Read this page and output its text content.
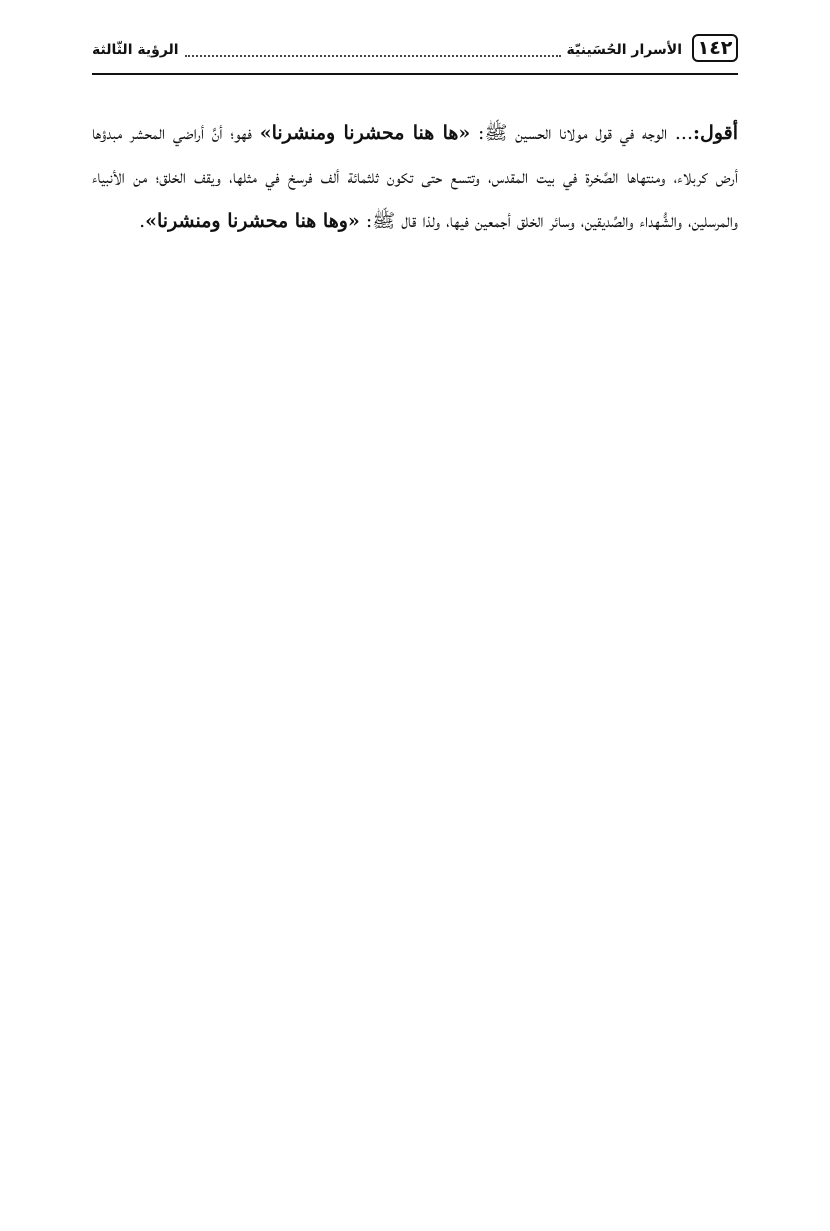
١٤٢
الأسرار الحُسَينيّة
الرؤية الثّالثة

أقول:... الوجه في قول مولانا الحسين ﷺ: «ها هنا محشرنا ومنشرنا» فهو؛ أنَّ أراضي المحشر مبدؤها أرض كربلاء، ومنتهاها الصَّخرة في بيت المقدس، وتتسع حتى تكون ثلثمائة ألف فرسخ في مثلها، ويقف الخلق؛ من الأنبياء والمرسلين، والشُّهداء والصِّديقين، وسائر الخلق أجمعين فيها، ولذا قال ﷺ: «وها هنا محشرنا ومنشرنا».
